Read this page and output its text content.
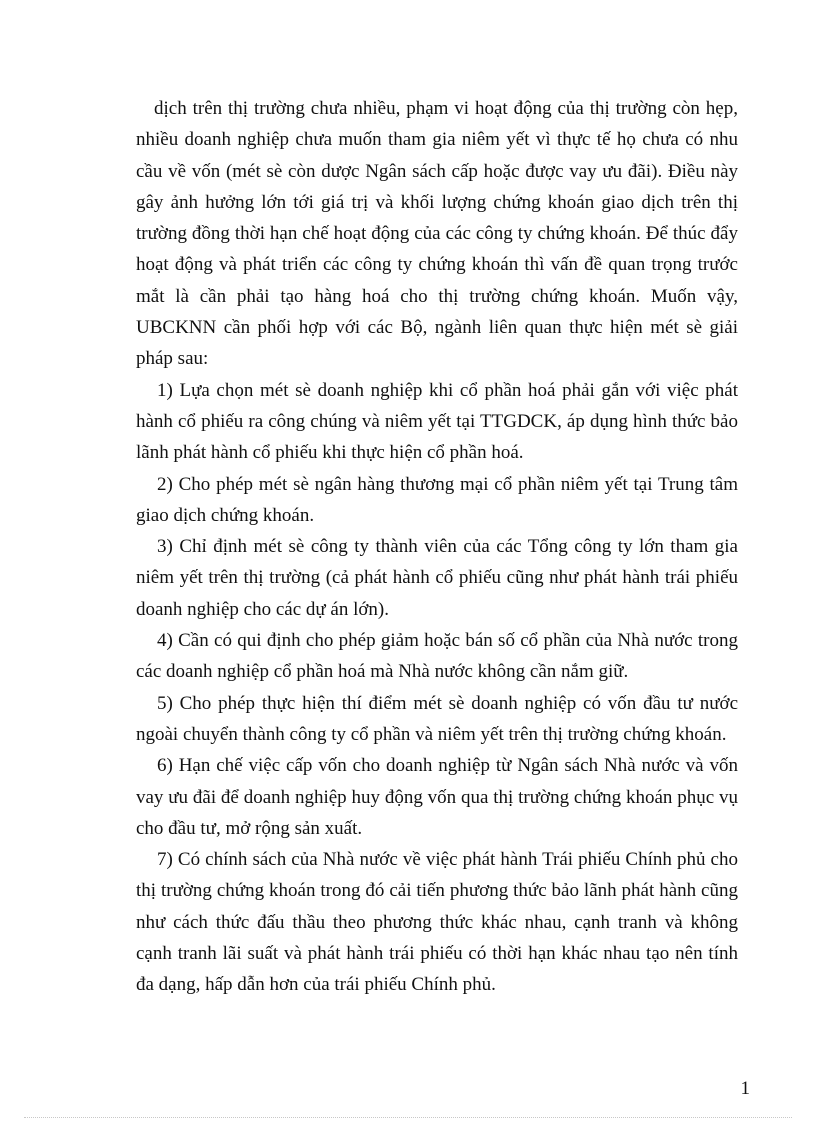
dịch trên thị trường chưa nhiều, phạm vi hoạt động của thị trường còn hẹp, nhiều doanh nghiệp chưa muốn tham gia niêm yết vì thực tế họ chưa có nhu cầu về vốn (mét sè còn dược Ngân sách cấp hoặc được vay ưu đãi). Điều này gây ảnh hưởng lớn tới giá trị và khối lượng chứng khoán giao dịch trên thị trường đồng thời hạn chế hoạt động của các công ty chứng khoán. Để thúc đẩy hoạt động và phát triển các công ty chứng khoán thì vấn đề quan trọng trước mắt là cần phải tạo hàng hoá cho thị trường chứng khoán. Muốn vậy, UBCKNN cần phối hợp với các Bộ, ngành liên quan thực hiện mét sè giải pháp sau:

1) Lựa chọn mét sè doanh nghiệp khi cổ phần hoá phải gắn với việc phát hành cổ phiếu ra công chúng và niêm yết tại TTGDCK, áp dụng hình thức bảo lãnh phát hành cổ phiếu khi thực hiện cổ phần hoá.

2) Cho phép mét sè ngân hàng thương mại cổ phần niêm yết tại Trung tâm giao dịch chứng khoán.

3) Chỉ định mét sè công ty thành viên của các Tổng công ty lớn tham gia niêm yết trên thị trường (cả phát hành cổ phiếu cũng như phát hành trái phiếu doanh nghiệp cho các dự án lớn).

4) Cần có qui định cho phép giảm hoặc bán số cổ phần của Nhà nước trong các doanh nghiệp cổ phần hoá mà Nhà nước không cần nắm giữ.

5) Cho phép thực hiện thí điểm mét sè doanh nghiệp có vốn đầu tư nước ngoài chuyển thành công ty cổ phần và niêm yết trên thị trường chứng khoán.

6) Hạn chế việc cấp vốn cho doanh nghiệp từ Ngân sách Nhà nước và vốn vay ưu đãi để doanh nghiệp huy động vốn qua thị trường chứng khoán phục vụ cho đầu tư, mở rộng sản xuất.

7) Có chính sách của Nhà nước về việc phát hành Trái phiếu Chính phủ cho thị trường chứng khoán trong đó cải tiến phương thức bảo lãnh phát hành cũng như cách thức đấu thầu theo phương thức khác nhau, cạnh tranh và không cạnh tranh lãi suất và phát hành trái phiếu có thời hạn khác nhau tạo nên tính đa dạng, hấp dẫn hơn của trái phiếu Chính phủ.

1
